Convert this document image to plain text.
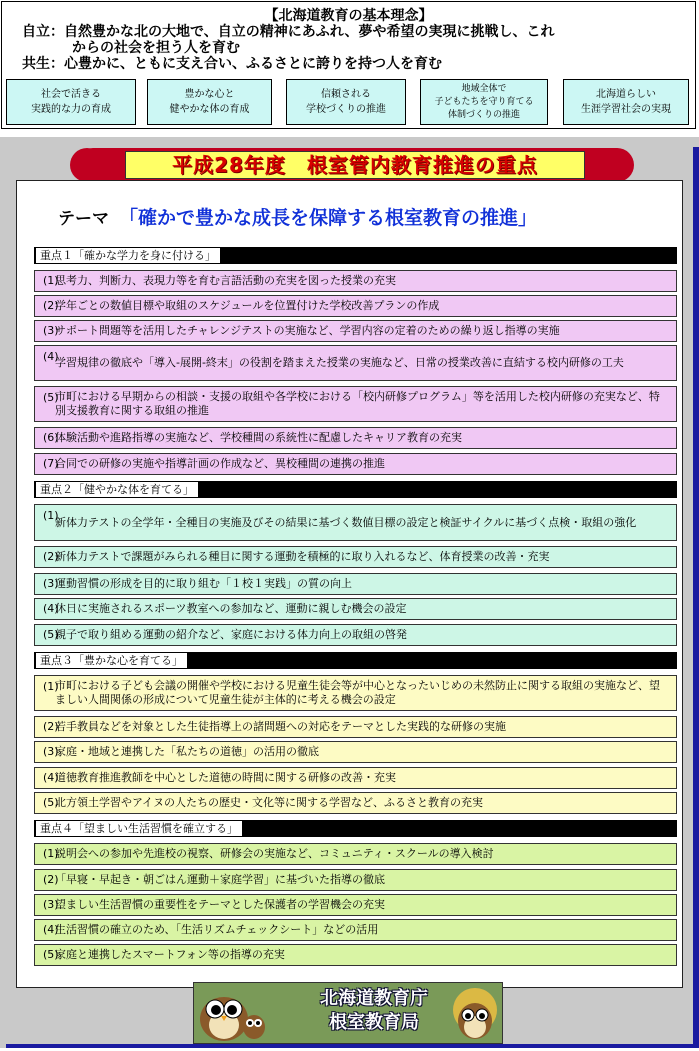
【北海道教育の基本理念】
自立：自然豊かな北の大地で、自立の精神にあふれ、夢や希望の実現に挑戦し、これ
からの社会を担う人を育む
共生：心豊かに、ともに支え合い、ふるさとに誇りを持つ人を育む
社会で活きる
実践的な力の育成
豊かな心と
健やかな体の育成
信頼される
学校づくりの推進
地域全体で
子どもたちを守り育てる
体制づくりの推進
北海道らしい
生涯学習社会の実現
平成28年度　根室管内教育推進の重点
テーマ 「確かで豊かな成長を保障する根室教育の推進」
重点１「確かな学力を身に付ける」
(1)
思考力、判断力、表現力等を育む言語活動の充実を図った授業の充実
(2)
学年ごとの数値目標や取組のスケジュールを位置付けた学校改善プランの作成
(3)
サポート問題等を活用したチャレンジテストの実施など、学習内容の定着のための繰り返し指導の実施
(4)
学習規律の徹底や「導入-展開-終末」の役割を踏まえた授業の実施など、日常の授業改善に直結する校内研修の工夫
(5)
市町における早期からの相談・支援の取組や各学校における「校内研修プログラム」等を活用した校内研修の充実など、特別支援教育に関する取組の推進
(6)
体験活動や進路指導の実施など、学校種間の系統性に配慮したキャリア教育の充実
(7)
合同での研修の実施や指導計画の作成など、異校種間の連携の推進
重点２「健やかな体を育てる」
(1)
新体力テストの全学年・全種目の実施及びその結果に基づく数値目標の設定と検証サイクルに基づく点検・取組の強化
(2)
新体力テストで課題がみられる種目に関する運動を積極的に取り入れるなど、体育授業の改善・充実
(3)
運動習慣の形成を目的に取り組む「１校１実践」の質の向上
(4)
休日に実施されるスポーツ教室への参加など、運動に親しむ機会の設定
(5)
親子で取り組める運動の紹介など、家庭における体力向上の取組の啓発
重点３「豊かな心を育てる」
(1)
市町における子ども会議の開催や学校における児童生徒会等が中心となったいじめの未然防止に関する取組の実施など、望ましい人間関係の形成について児童生徒が主体的に考える機会の設定
(2)
若手教員などを対象とした生徒指導上の諸問題への対応をテーマとした実践的な研修の実施
(3)
家庭・地域と連携した「私たちの道徳」の活用の徹底
(4)
道徳教育推進教師を中心とした道徳の時間に関する研修の改善・充実
(5)
北方領土学習やアイヌの人たちの歴史・文化等に関する学習など、ふるさと教育の充実
重点４「望ましい生活習慣を確立する」
(1)
説明会への参加や先進校の視察、研修会の実施など、コミュニティ・スクールの導入検討
(2)
「早寝・早起き・朝ごはん運動＋家庭学習」に基づいた指導の徹底
(3)
望ましい生活習慣の重要性をテーマとした保護者の学習機会の充実
(4)
生活習慣の確立のため、「生活リズムチェックシート」などの活用
(5)
家庭と連携したスマートフォン等の指導の充実
北海道教育庁
根室教育局
